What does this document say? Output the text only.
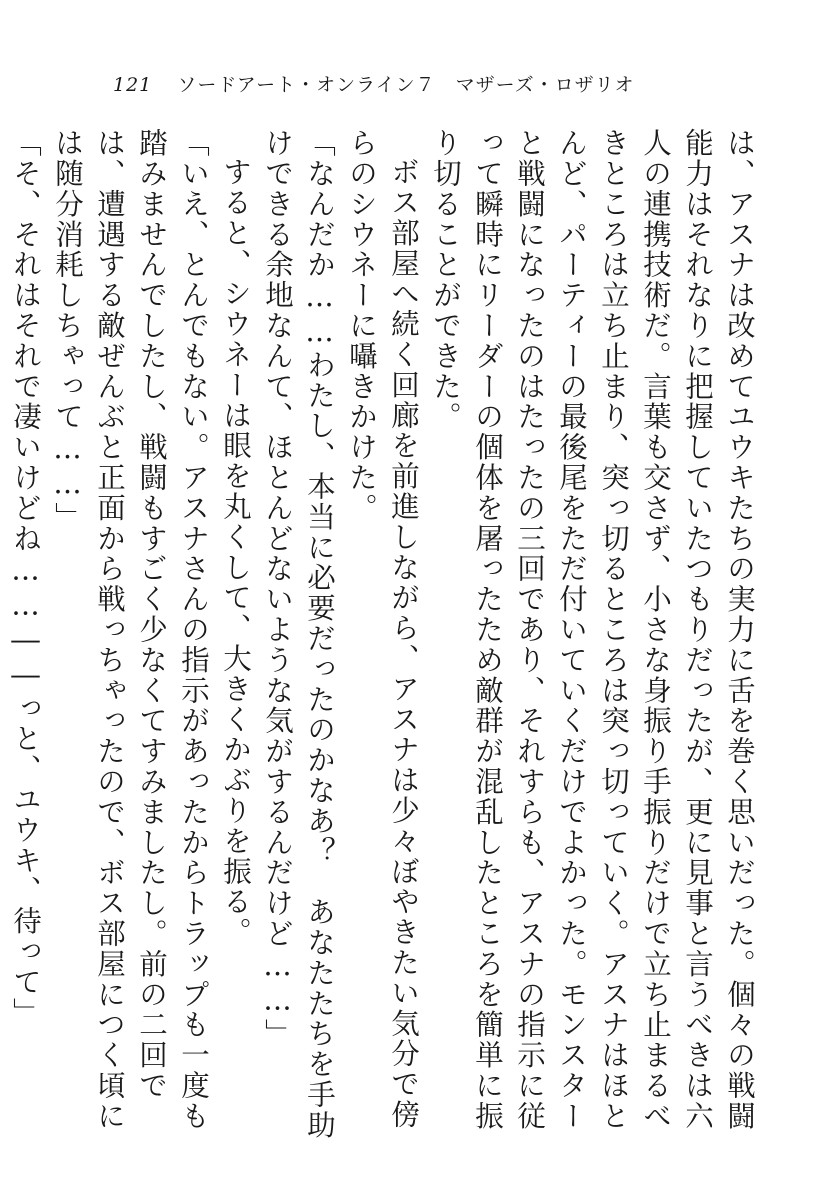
121 ソードアート・オンライン７　マザーズ・ロザリオ

は、アスナは改めてユウキたちの実力に舌を巻く思いだった。個々の戦闘能力はそれなりに把握していたつもりだったが、更に見事と言うべきは六人の連携技術だ。言葉も交さず、小さな身振り手振りだけで立ち止まるべきところは立ち止まり、突っ切るところは突っ切っていく。アスナはほとんど、パーティーの最後尾をただ付いていくだけでよかった。モンスターと戦闘になったのはたったの三回であり、それすらも、アスナの指示に従って瞬時にリーダーの個体を屠ったため敵群が混乱したところを簡単に振り切ることができた。

ボス部屋へ続く回廊を前進しながら、アスナは少々ぼやきたい気分で傍らのシウネーに囁きかけた。

「なんだか……わたし、本当に必要だったのかなあ？　あなたたちを手助けできる余地なんて、ほとんどないような気がするんだけど……」

すると、シウネーは眼を丸くして、大きくかぶりを振る。

「いえ、とんでもない。アスナさんの指示があったからトラップも一度も踏みませんでしたし、戦闘もすごく少なくてすみましたし。前の二回では、遭遇する敵ぜんぶと正面から戦っちゃったので、ボス部屋につく頃には随分消耗しちゃって……」

「そ、それはそれで凄いけどね……――っと、ユウキ、待って」
